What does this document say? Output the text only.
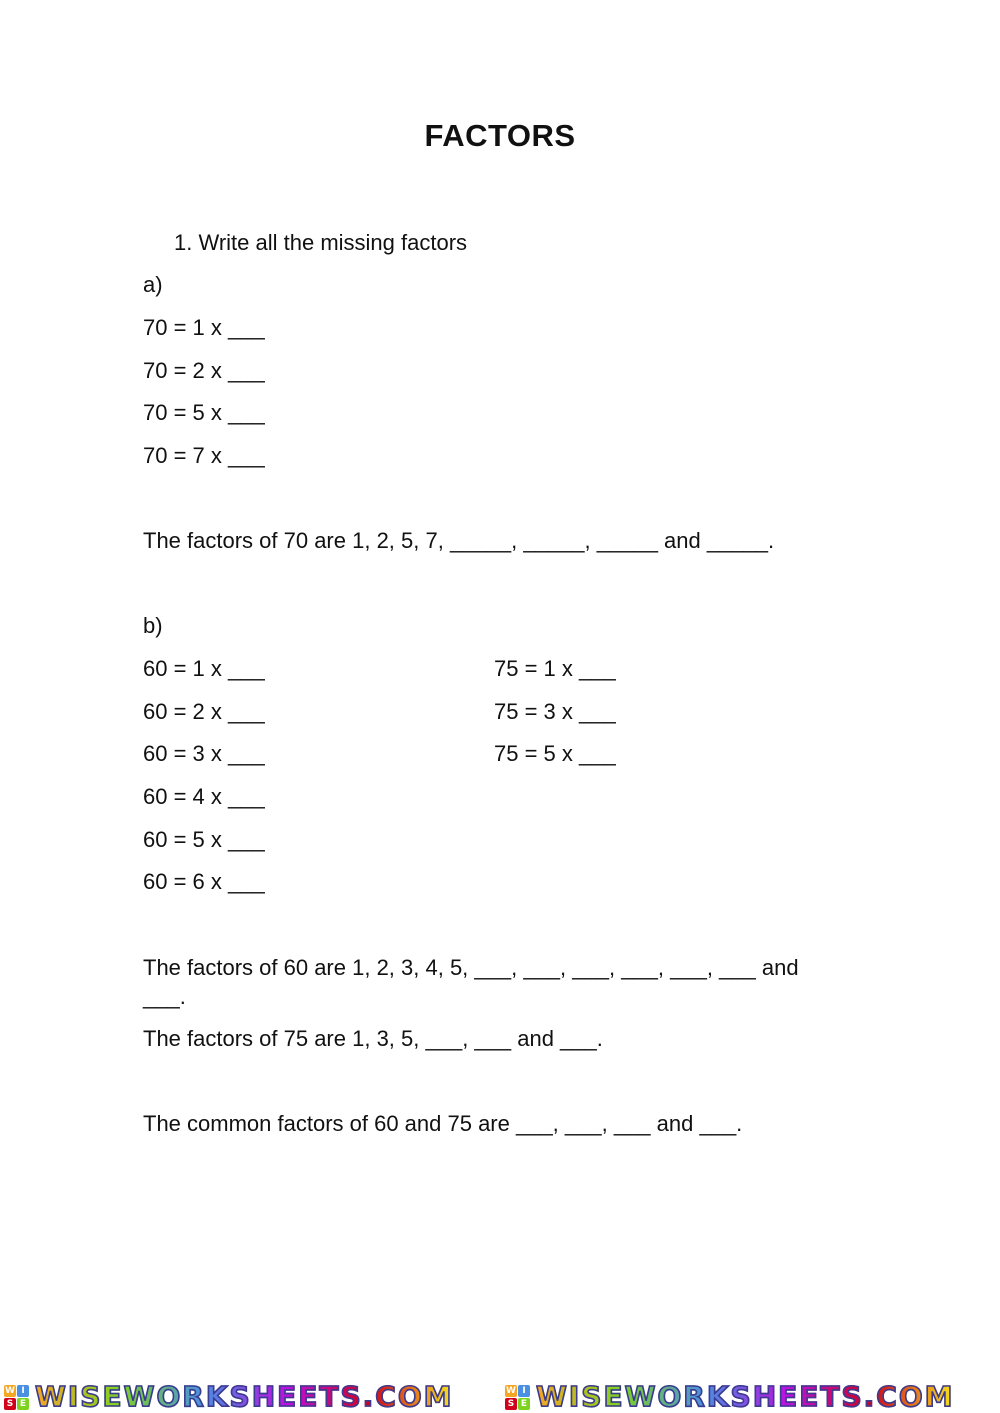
FACTORS
1. Write all the missing factors
a)
70 = 1 x ___
70 = 2 x ___
70 = 5 x ___
70 = 7 x ___
The factors of 70 are 1, 2, 5, 7, _____, _____, _____ and _____.
b)
60 = 1 x ___
60 = 2 x ___
60 = 3 x ___
60 = 4 x ___
60 = 5 x ___
60 = 6 x ___
75 = 1 x ___
75 = 3 x ___
75 = 5 x ___
The factors of 60 are 1, 2, 3, 4, 5, ___, ___, ___, ___, ___, ___ and
___.
The factors of 75 are 1, 3, 5, ___, ___ and ___.
The common factors of 60 and 75 are ___, ___, ___ and ___.
W I
S E WISEWORKSHEETS.COM	W I
S E WISEWORKSHEETS.COM
